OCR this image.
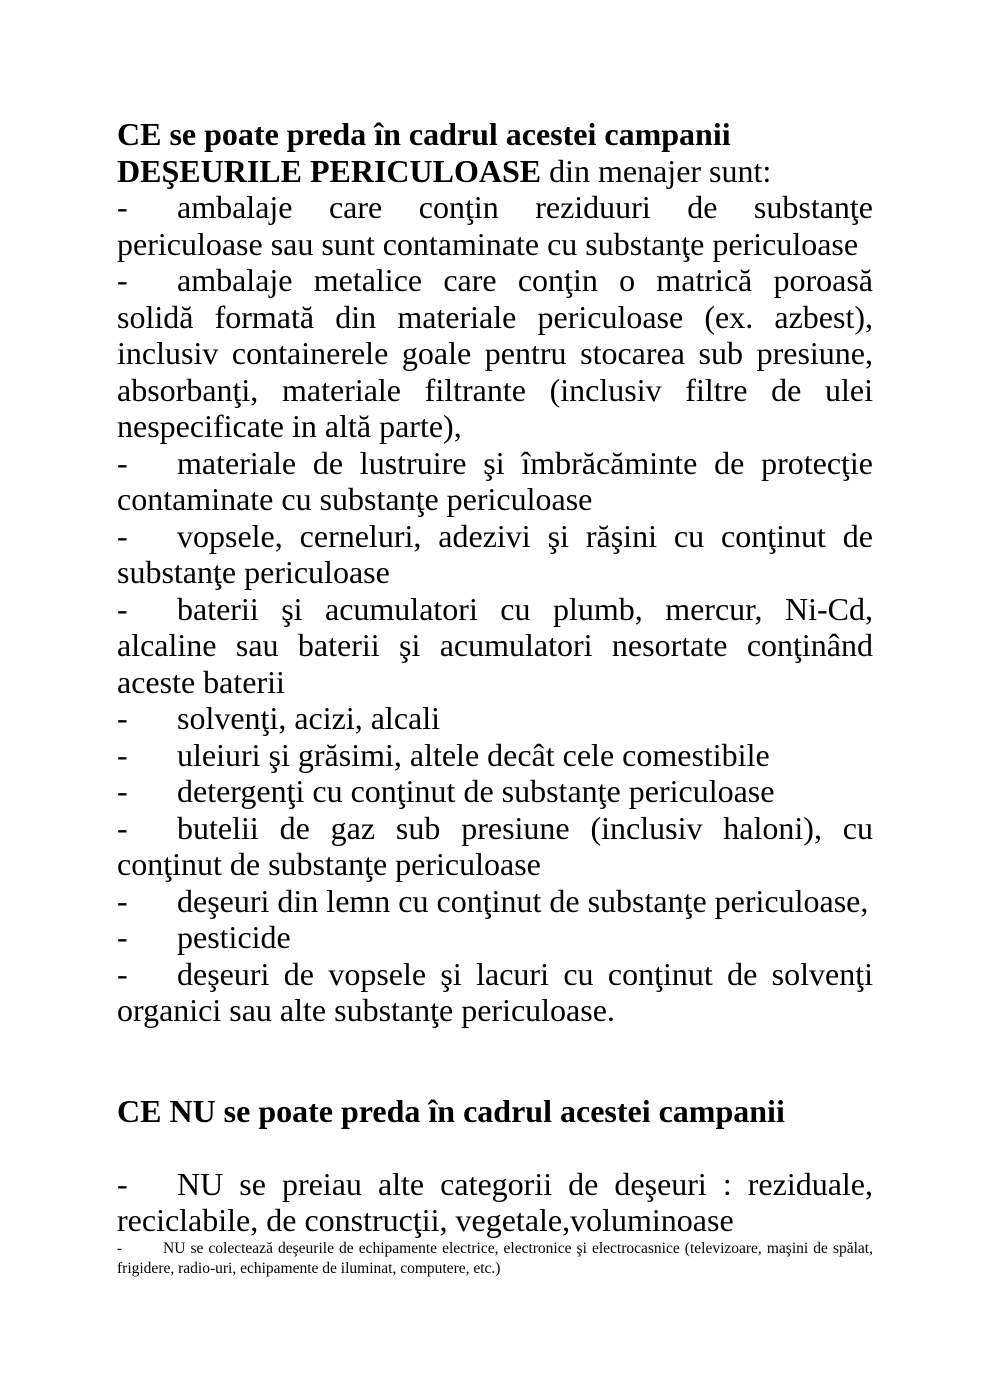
CE se poate preda în cadrul acestei campanii

DEŞEURILE PERICULOASE din menajer sunt:

- ambalaje care conţin reziduuri de substanţe periculoase sau sunt contaminate cu substanţe periculoase

- ambalaje metalice care conţin o matrică poroasă solidă formată din materiale periculoase (ex. azbest), inclusiv containerele goale pentru stocarea sub presiune, absorbanţi, materiale filtrante (inclusiv filtre de ulei nespecificate in altă parte),

- materiale de lustruire şi îmbrăcăminte de protecţie contaminate cu substanţe periculoase

- vopsele, cerneluri, adezivi şi răşini cu conţinut de substanţe periculoase

- baterii şi acumulatori cu plumb, mercur, Ni-Cd, alcaline sau baterii şi acumulatori nesortate conţinând aceste baterii

- solvenţi, acizi, alcali

- uleiuri şi grăsimi, altele decât cele comestibile

- detergenţi cu conţinut de substanţe periculoase

- butelii de gaz sub presiune (inclusiv haloni), cu conţinut de substanţe periculoase

- deşeuri din lemn cu conţinut de substanţe periculoase,

- pesticide

- deşeuri de vopsele şi lacuri cu conţinut de solvenţi organici sau alte substanţe periculoase.

CE NU se poate preda în cadrul acestei campanii

- NU se preiau alte categorii de deşeuri : reziduale, reciclabile, de construcţii, vegetale,voluminoase

-	NU se colectează deşeurile de echipamente electrice, electronice şi electrocasnice (televizoare, maşini de spălat, frigidere, radio-uri, echipamente de iluminat, computere, etc.)
